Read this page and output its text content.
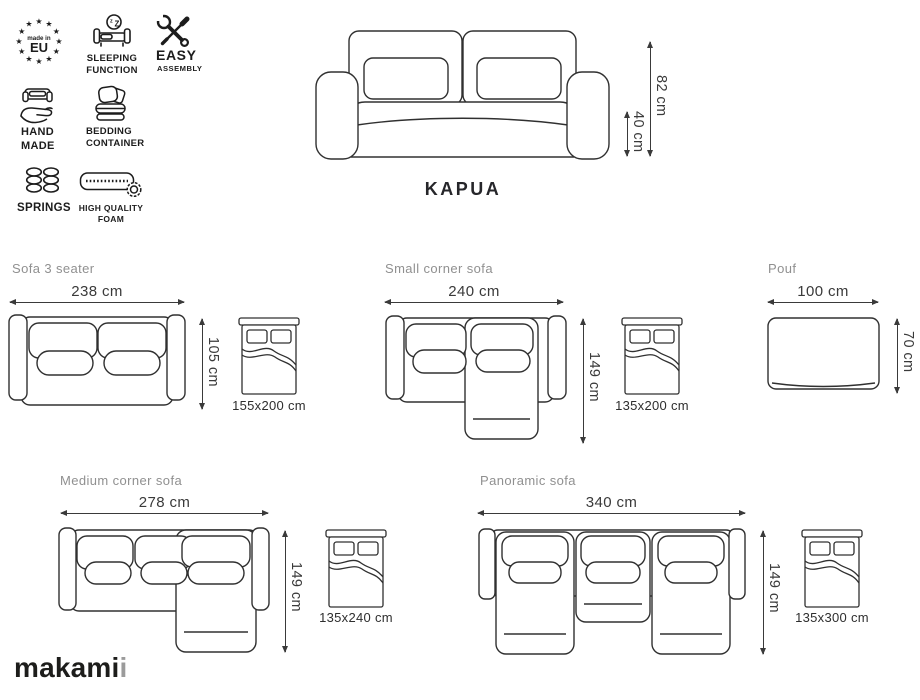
★ ★
★
★
★
★
★
★
★
★
★
★
made in
EU
z Z
SLEEPING FUNCTION
EASY
ASSEMBLY
HAND MADE
BEDDING CONTAINER
SPRINGS HIGH QUALITY FOAM
82 cm
40 cm
KAPUA
Sofa 3 seater
238 cm
105 cm
155x200 cm
Small corner sofa
240 cm
149 cm
135x200 cm
Pouf
100 cm
70 cm
Medium corner sofa
278 cm
149 cm
135x240 cm
Panoramic sofa
340 cm
149 cm
135x300 cm
makamii
